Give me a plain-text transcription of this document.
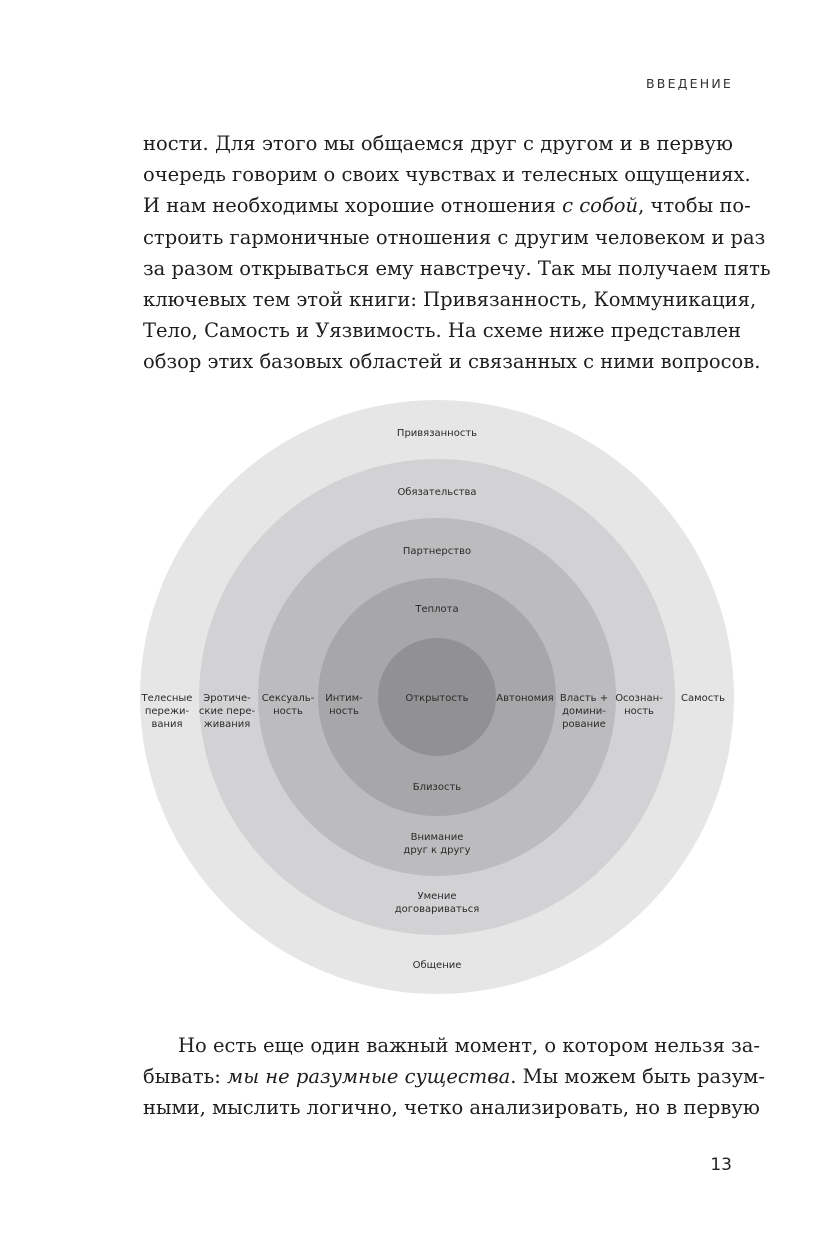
ВВЕДЕНИЕ
ности. Для этого мы общаемся друг с другом и в первую
очередь говорим о своих чувствах и телесных ощущениях.
И нам необходимы хорошие отношения с собой, чтобы по-
строить гармоничные отношения с другим человеком и раз
за разом открываться ему навстречу. Так мы получаем пять
ключевых тем этой книги: Привязанность, Коммуникация,
Тело, Самость и Уязвимость. На схеме ниже представлен
обзор этих базовых областей и связанных с ними вопросов.
Привязанность
Обязательства
Партнерство
Теплота
Открытость
Близость
Внимание друг к другу
Умение договариваться
Общение
Телесные пережи-вания
Эротиче-ские пере-живания
Сексуаль-ность
Интим-ность
Автономия Власть + домини-рование
Осознан-ность
Самость
Но есть еще один важный момент, о котором нельзя за-
бывать: мы не разумные существа. Мы можем быть разум-
ными, мыслить логично, четко анализировать, но в первую
13
